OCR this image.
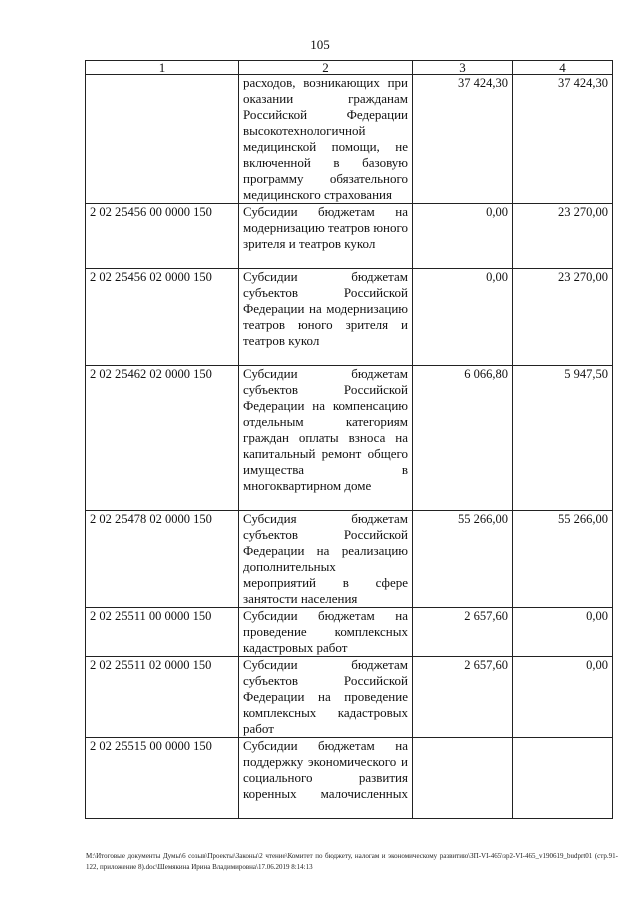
105
1	2	3	4
	расходов, возникающих при оказании гражданам Российской Федерации высокотехнологичной медицинской помощи, не включенной в базовую программу обязательного медицинского страхования	37 424,30	37 424,30
2 02 25456 00 0000 150	Субсидии бюджетам на модернизацию театров юного зрителя и театров кукол	0,00	23 270,00
2 02 25456 02 0000 150	Субсидии бюджетам субъектов Российской Федерации на модернизацию театров юного зрителя и театров кукол	0,00	23 270,00
2 02 25462 02 0000 150	Субсидии бюджетам субъектов Российской Федерации на компенсацию отдельным категориям граждан оплаты взноса на капитальный ремонт общего имущества в многоквартирном доме	6 066,80	5 947,50
2 02 25478 02 0000 150	Субсидия бюджетам субъектов Российской Федерации на реализацию дополнительных мероприятий в сфере занятости населения	55 266,00	55 266,00
2 02 25511 00 0000 150	Субсидии бюджетам на проведение комплексных кадастровых работ	2 657,60	0,00
2 02 25511 02 0000 150	Субсидии бюджетам субъектов Российской Федерации на проведение комплексных кадастровых работ	2 657,60	0,00
2 02 25515 00 0000 150	Субсидии бюджетам на поддержку экономического и социального развития коренных малочисленных		
M:\Итоговые документы Думы\6 созыв\Проекты\Законы\2 чтение\Комитет по бюджету, налогам и экономическому развитию\ЗП-VI-465\зр2-VI-465_v190619_budprt01 (стр.91-122, приложение 8).doc\Шемякина Ирина Владимировна\17.06.2019 8:14:13
